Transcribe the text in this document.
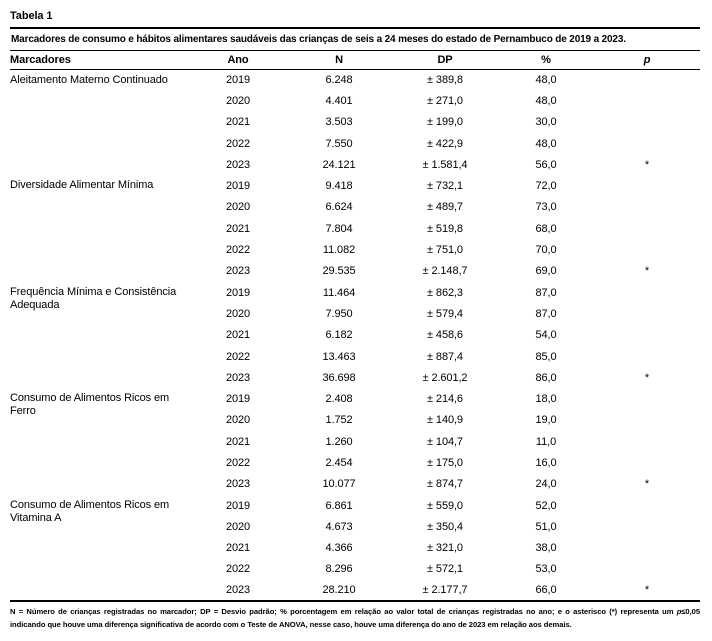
Tabela 1
Marcadores de consumo e hábitos alimentares saudáveis das crianças de seis a 24 meses do estado de Pernambuco de 2019 a 2023.
Marcadores	Ano	N	DP	%	p
Aleitamento Materno Continuado	2019	6.248	± 389,8	48,0	
	2020	4.401	± 271,0	48,0	
	2021	3.503	± 199,0	30,0	
	2022	7.550	± 422,9	48,0	
	2023	24.121	± 1.581,4	56,0	*
Diversidade Alimentar Mínima	2019	9.418	± 732,1	72,0	
	2020	6.624	± 489,7	73,0	
	2021	7.804	± 519,8	68,0	
	2022	11.082	± 751,0	70,0	
	2023	29.535	± 2.148,7	69,0	*
Frequência Mínima e Consistência Adequada	2019	11.464	± 862,3	87,0	
	2020	7.950	± 579,4	87,0	
	2021	6.182	± 458,6	54,0	
	2022	13.463	± 887,4	85,0	
	2023	36.698	± 2.601,2	86,0	*
Consumo de Alimentos Ricos em Ferro	2019	2.408	± 214,6	18,0	
	2020	1.752	± 140,9	19,0	
	2021	1.260	± 104,7	11,0	
	2022	2.454	± 175,0	16,0	
	2023	10.077	± 874,7	24,0	*
Consumo de Alimentos Ricos em Vitamina A	2019	6.861	± 559,0	52,0	
	2020	4.673	± 350,4	51,0	
	2021	4.366	± 321,0	38,0	
	2022	8.296	± 572,1	53,0	
	2023	28.210	± 2.177,7	66,0	*
N = Número de crianças registradas no marcador; DP = Desvio padrão; % porcentagem em relação ao valor total de crianças registradas no ano; e o asterisco (*) representa um p≤0,05 indicando que houve uma diferença significativa de acordo com o Teste de ANOVA, nesse caso, houve uma diferença do ano de 2023 em relação aos demais.
